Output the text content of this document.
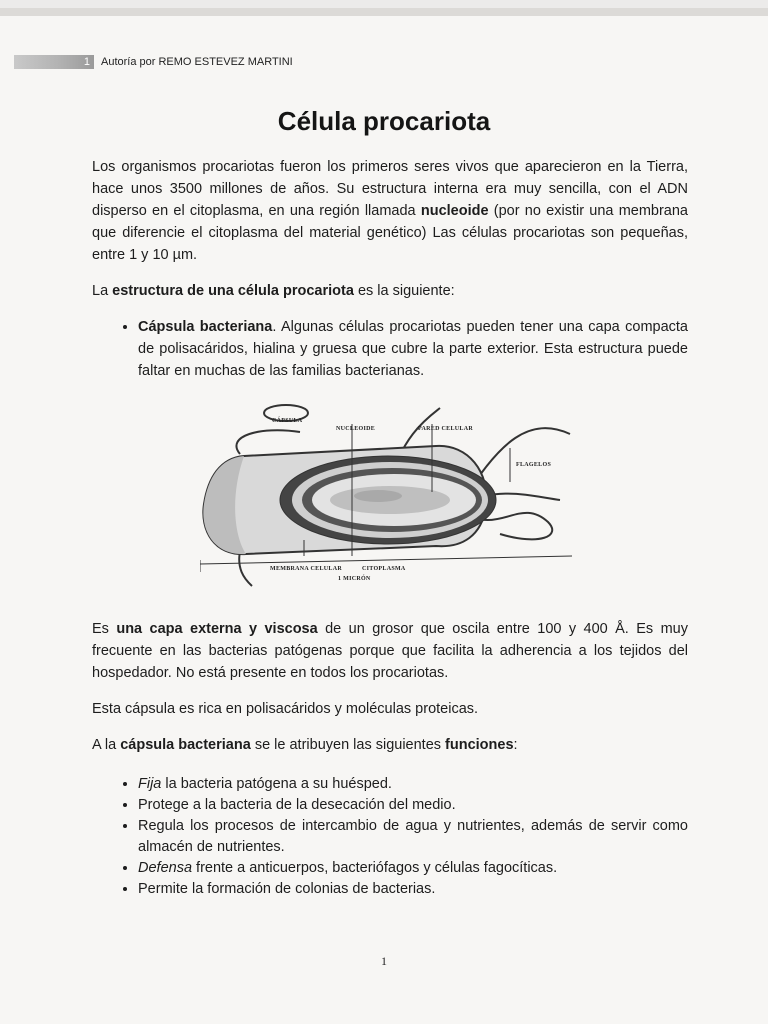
1 Autoría por REMO ESTEVEZ MARTINI
Célula procariota

Los organismos procariotas fueron los primeros seres vivos que aparecieron en la Tierra, hace unos 3500 millones de años. Su estructura interna era muy sencilla, con el ADN disperso en el citoplasma, en una región llamada nucleoide (por no existir una membrana que diferencie el citoplasma del material genético) Las células procariotas son pequeñas, entre 1 y 10 µm.

La estructura de una célula procariota es la siguiente:

• Cápsula bacteriana. Algunas células procariotas pueden tener una capa compacta de polisacáridos, hialina y gruesa que cubre la parte exterior. Esta estructura puede faltar en muchas de las familias bacterianas.
CÁPSULA
NUCLEOIDE	PARED CELULAR
FLAGELOS
MEMBRANA CELULAR	CITOPLASMA
1 MICRÓN

Es una capa externa y viscosa de un grosor que oscila entre 100 y 400 Å. Es muy frecuente en las bacterias patógenas porque que facilita la adherencia a los tejidos del hospedador. No está presente en todos los procariotas.

Esta cápsula es rica en polisacáridos y moléculas proteicas.

A la cápsula bacteriana se le atribuyen las siguientes funciones:

• Fija la bacteria patógena a su huésped.
• Protege a la bacteria de la desecación del medio.
• Regula los procesos de intercambio de agua y nutrientes, además de servir como almacén de nutrientes.
• Defensa frente a anticuerpos, bacteriófagos y células fagocíticas.
• Permite la formación de colonias de bacterias.
1
